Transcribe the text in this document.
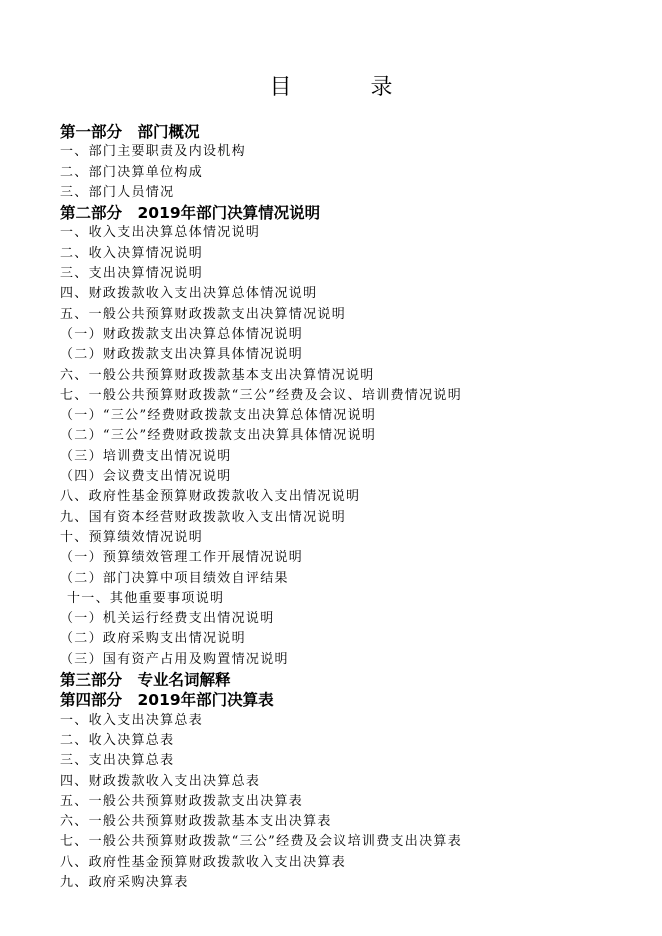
目 录
第一部分　部门概况
一、部门主要职责及内设机构
二、部门决算单位构成
三、部门人员情况
第二部分　2019年部门决算情况说明
一、收入支出决算总体情况说明
二、收入决算情况说明
三、支出决算情况说明
四、财政拨款收入支出决算总体情况说明
五、一般公共预算财政拨款支出决算情况说明
（一）财政拨款支出决算总体情况说明
（二）财政拨款支出决算具体情况说明
六、一般公共预算财政拨款基本支出决算情况说明
七、一般公共预算财政拨款“三公”经费及会议、培训费情况说明
（一）“三公”经费财政拨款支出决算总体情况说明
（二）“三公”经费财政拨款支出决算具体情况说明
（三）培训费支出情况说明
（四）会议费支出情况说明
八、政府性基金预算财政拨款收入支出情况说明
九、国有资本经营财政拨款收入支出情况说明
十、预算绩效情况说明
（一）预算绩效管理工作开展情况说明
（二）部门决算中项目绩效自评结果
十一、其他重要事项说明
（一）机关运行经费支出情况说明
（二）政府采购支出情况说明
（三）国有资产占用及购置情况说明
第三部分　专业名词解释
第四部分　2019年部门决算表
一、收入支出决算总表
二、收入决算总表
三、支出决算总表
四、财政拨款收入支出决算总表
五、一般公共预算财政拨款支出决算表
六、一般公共预算财政拨款基本支出决算表
七、一般公共预算财政拨款“三公”经费及会议培训费支出决算表
八、政府性基金预算财政拨款收入支出决算表
九、政府采购决算表
